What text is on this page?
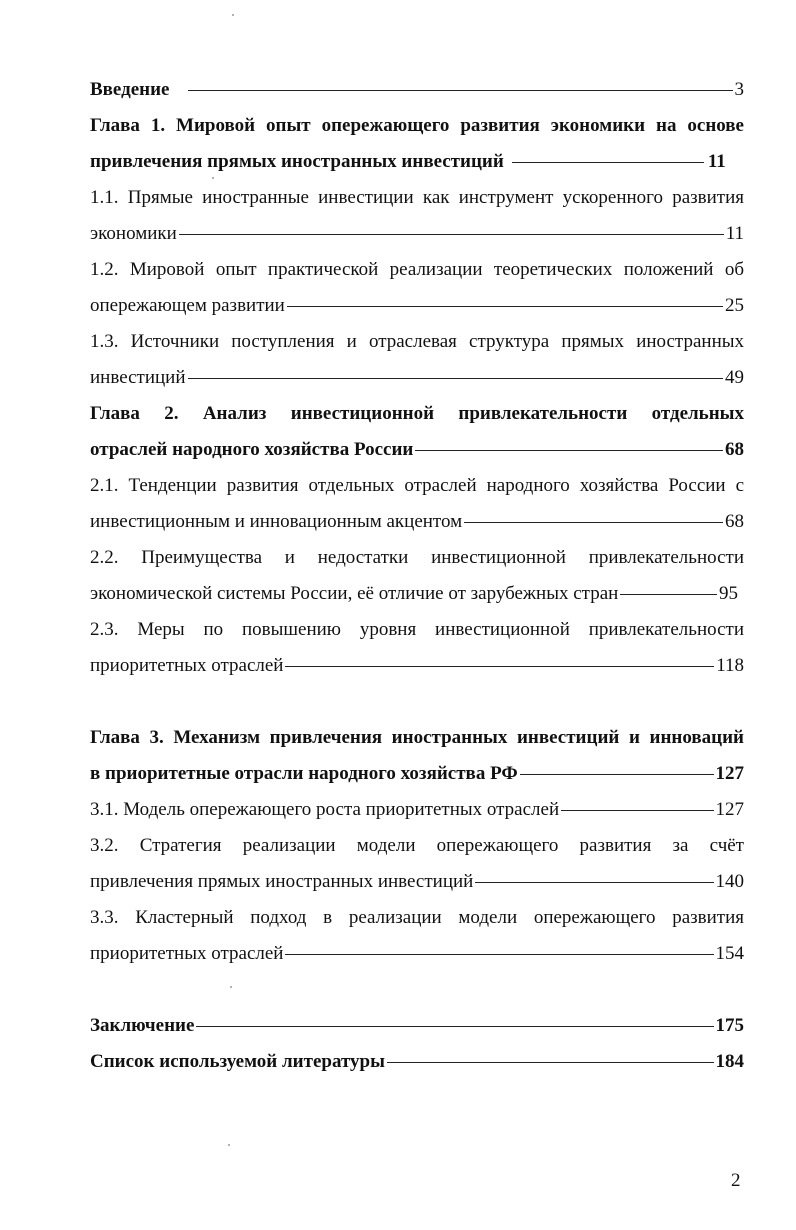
Введение	3
Глава 1. Мировой опыт опережающего развития экономики на основе
привлечения прямых иностранных инвестиций	11
1.1. Прямые иностранные инвестиции как инструмент ускоренного развития
экономики	11
1.2. Мировой опыт практической реализации теоретических положений об
опережающем развитии	25
1.3. Источники поступления и отраслевая структура прямых иностранных
инвестиций	49
Глава 2. Анализ инвестиционной привлекательности отдельных
отраслей народного хозяйства России	68
2.1. Тенденции развития отдельных отраслей народного хозяйства России с
инвестиционным и инновационным акцентом	68
2.2. Преимущества и недостатки инвестиционной привлекательности
экономической системы России, её отличие от зарубежных стран	95
2.3. Меры по повышению уровня инвестиционной привлекательности
приоритетных отраслей	118
Глава 3. Механизм привлечения иностранных инвестиций и инноваций
в приоритетные отрасли народного хозяйства РФ	127
3.1. Модель опережающего роста приоритетных отраслей	127
3.2. Стратегия реализации модели опережающего развития за счёт
привлечения прямых иностранных инвестиций	140
3.3. Кластерный подход в реализации модели опережающего развития
приоритетных отраслей	154
Заключение	175
Список используемой литературы	184
2
